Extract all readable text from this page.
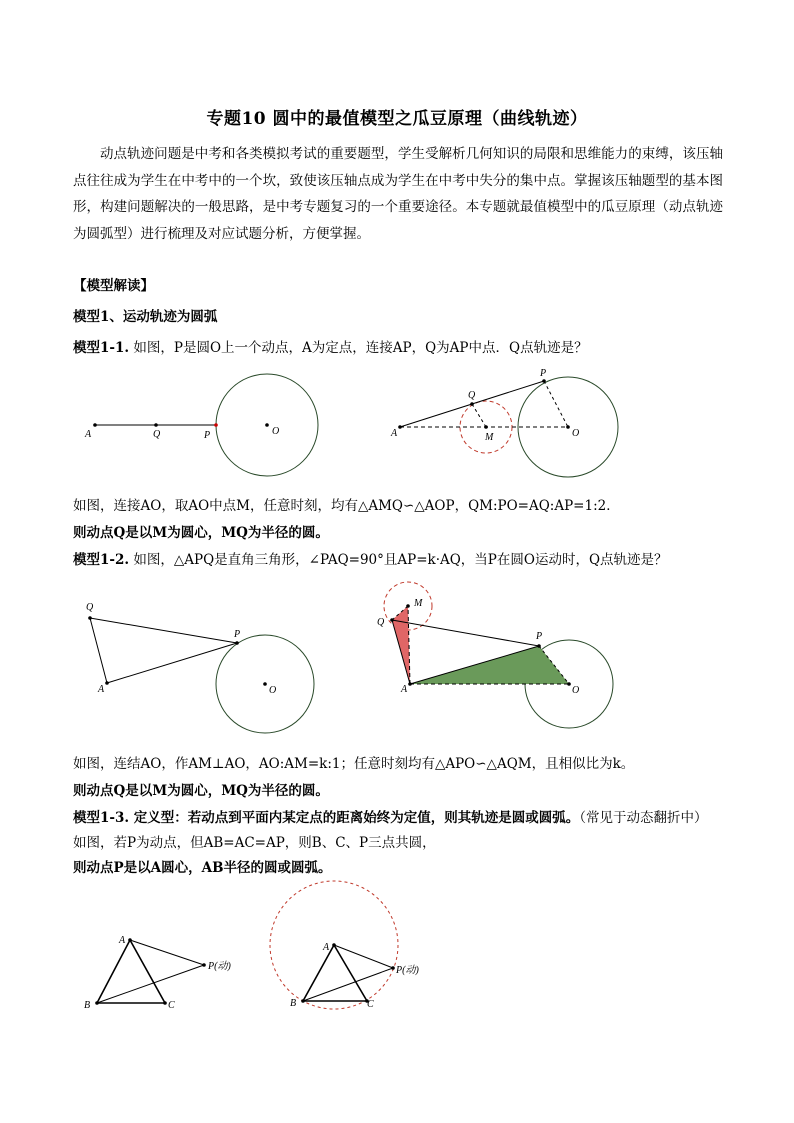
专题10 圆中的最值模型之瓜豆原理（曲线轨迹）
动点轨迹问题是中考和各类模拟考试的重要题型，学生受解析几何知识的局限和思维能力的束缚，该压轴点往往成为学生在中考中的一个坎，致使该压轴点成为学生在中考中失分的集中点。掌握该压轴题型的基本图形，构建问题解决的一般思路，是中考专题复习的一个重要途径。本专题就最值模型中的瓜豆原理（动点轨迹为圆弧型）进行梳理及对应试题分析，方便掌握。
【模型解读】
模型1、运动轨迹为圆弧
模型1-1. 如图，P是圆O上一个动点，A为定点，连接AP，Q为AP中点．Q点轨迹是？
A	Q	P	O	A
Q
P
M	O
如图，连接AO，取AO中点M，任意时刻，均有△AMQ∽△AOP，QM:PO=AQ:AP=1:2．
则动点Q是以M为圆心，MQ为半径的圆。
模型1-2. 如图，△APQ是直角三角形，∠PAQ=90°且AP=k·AQ，当P在圆O运动时，Q点轨迹是？
Q
A
P
O
Q
M
A
P
O
如图，连结AO，作AM⊥AO，AO:AM=k:1；任意时刻均有△APO∽△AQM，且相似比为k。
则动点Q是以M为圆心，MQ为半径的圆。
模型1-3. 定义型：若动点到平面内某定点的距离始终为定值，则其轨迹是圆或圆弧。（常见于动态翻折中）
如图，若P为动点，但AB=AC=AP，则B、C、P三点共圆，
则动点P是以A圆心，AB半径的圆或圆弧。
A
B	C
P(动)
A
B	C
P(动)
